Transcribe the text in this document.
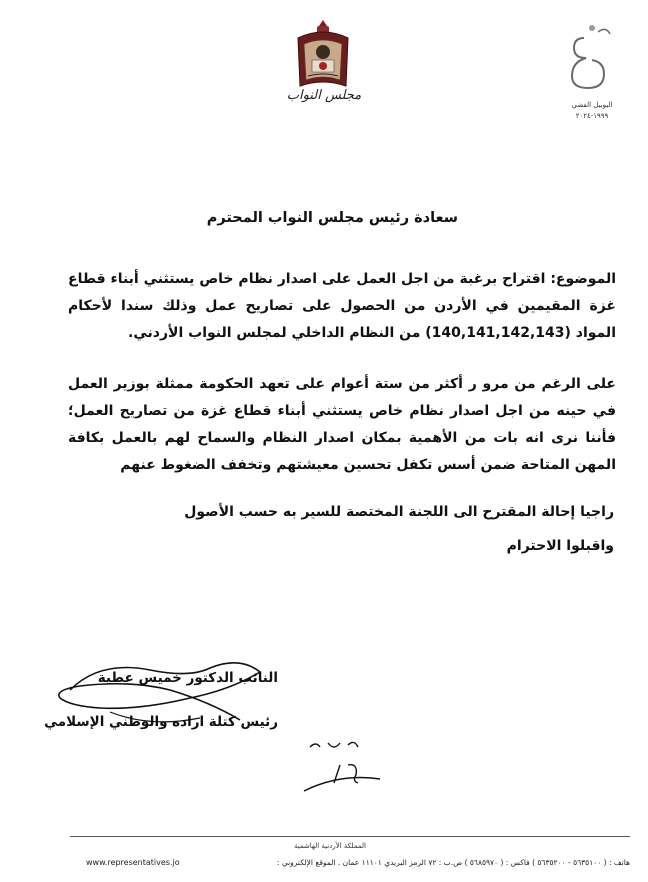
مجلس النواب
اليوبيل الفضي
١٩٩٩-٢٠٢٤
سعادة رئيس مجلس النواب المحترم

الموضوع: اقتراح برغبة من اجل العمل على اصدار نظام خاص يستثني أبناء قطاع غزة المقيمين في الأردن من الحصول على تصاريح عمل وذلك سندا لأحكام المواد (140,141,142,143) من النظام الداخلي لمجلس النواب الأردني.

على الرغم من مرو ر أكثر من ستة أعوام على تعهد الحكومة ممثلة بوزير العمل في حينه من اجل اصدار نظام خاص يستثني أبناء قطاع غزة من تصاريح العمل؛ فأننا نرى انه بات من الأهمية بمكان اصدار النظام والسماح لهم بالعمل بكافة المهن المتاحة ضمن أسس تكفل تحسين معيشتهم وتخفف الضغوط عنهم

راجيا إحالة المقترح الى اللجنة المختصة للسير به حسب الأصول
واقبلوا الاحترام
النائب الدكتور خميس عطية
رئيس كتلة اراده والوطني الإسلامي
المملكة الأردنية الهاشمية
هاتف : ( ٥٦٣٥١٠٠ - ٥٦٣٥٢٠٠ ) فاكس : ( ٥٦٨٥٩٧٠ ) ص.ب : ٧٢ الرمز البريدي ١١١٠١ عمان . الموقع الإلكتروني :
www.representatives.jo
